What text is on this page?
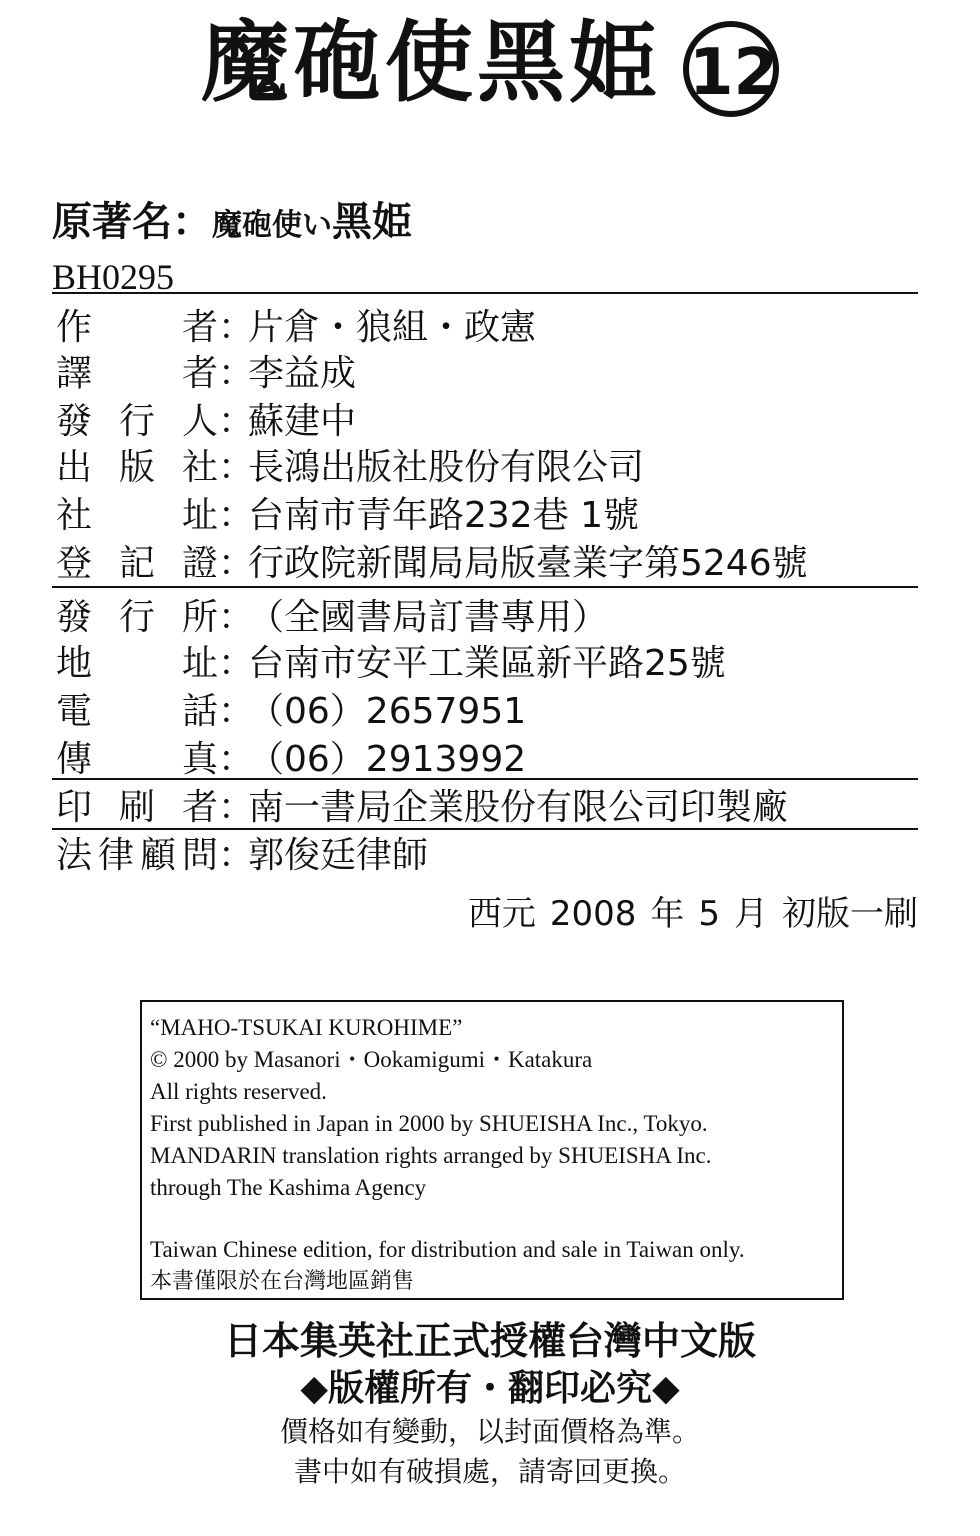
魔砲使黑姫 12
原著名：魔砲使い黑姫
BH0295
作 者 ：
片倉・狼組・政憲
譯 者 ：
李益成
發 行 人 ：
蘇建中
出 版 社 ：
長鴻出版社股份有限公司
社 址 ：
台南市青年路232巷 1號
登 記 證 ：
行政院新聞局局版臺業字第5246號
發 行 所 ：
（全國書局訂書專用）
地 址 ：
台南市安平工業區新平路25號
電 話 ：
（06）2657951
傳 真 ：
（06）2913992
印 刷 者 ：
南一書局企業股份有限公司印製廠
法 律 顧 問 ：
郭俊廷律師
西元 2008 年 5 月 初版一刷
“MAHO-TSUKAI KUROHIME”
© 2000 by Masanori・Ookamigumi・Katakura
All rights reserved.
First published in Japan in 2000 by SHUEISHA Inc., Tokyo.
MANDARIN translation rights arranged by SHUEISHA Inc.
through The Kashima Agency
Taiwan Chinese edition, for distribution and sale in Taiwan only.
本書僅限於在台灣地區銷售
日本集英社正式授權台灣中文版
◆版權所有・翻印必究◆
價格如有變動，以封面價格為準。
書中如有破損處，請寄回更換。
